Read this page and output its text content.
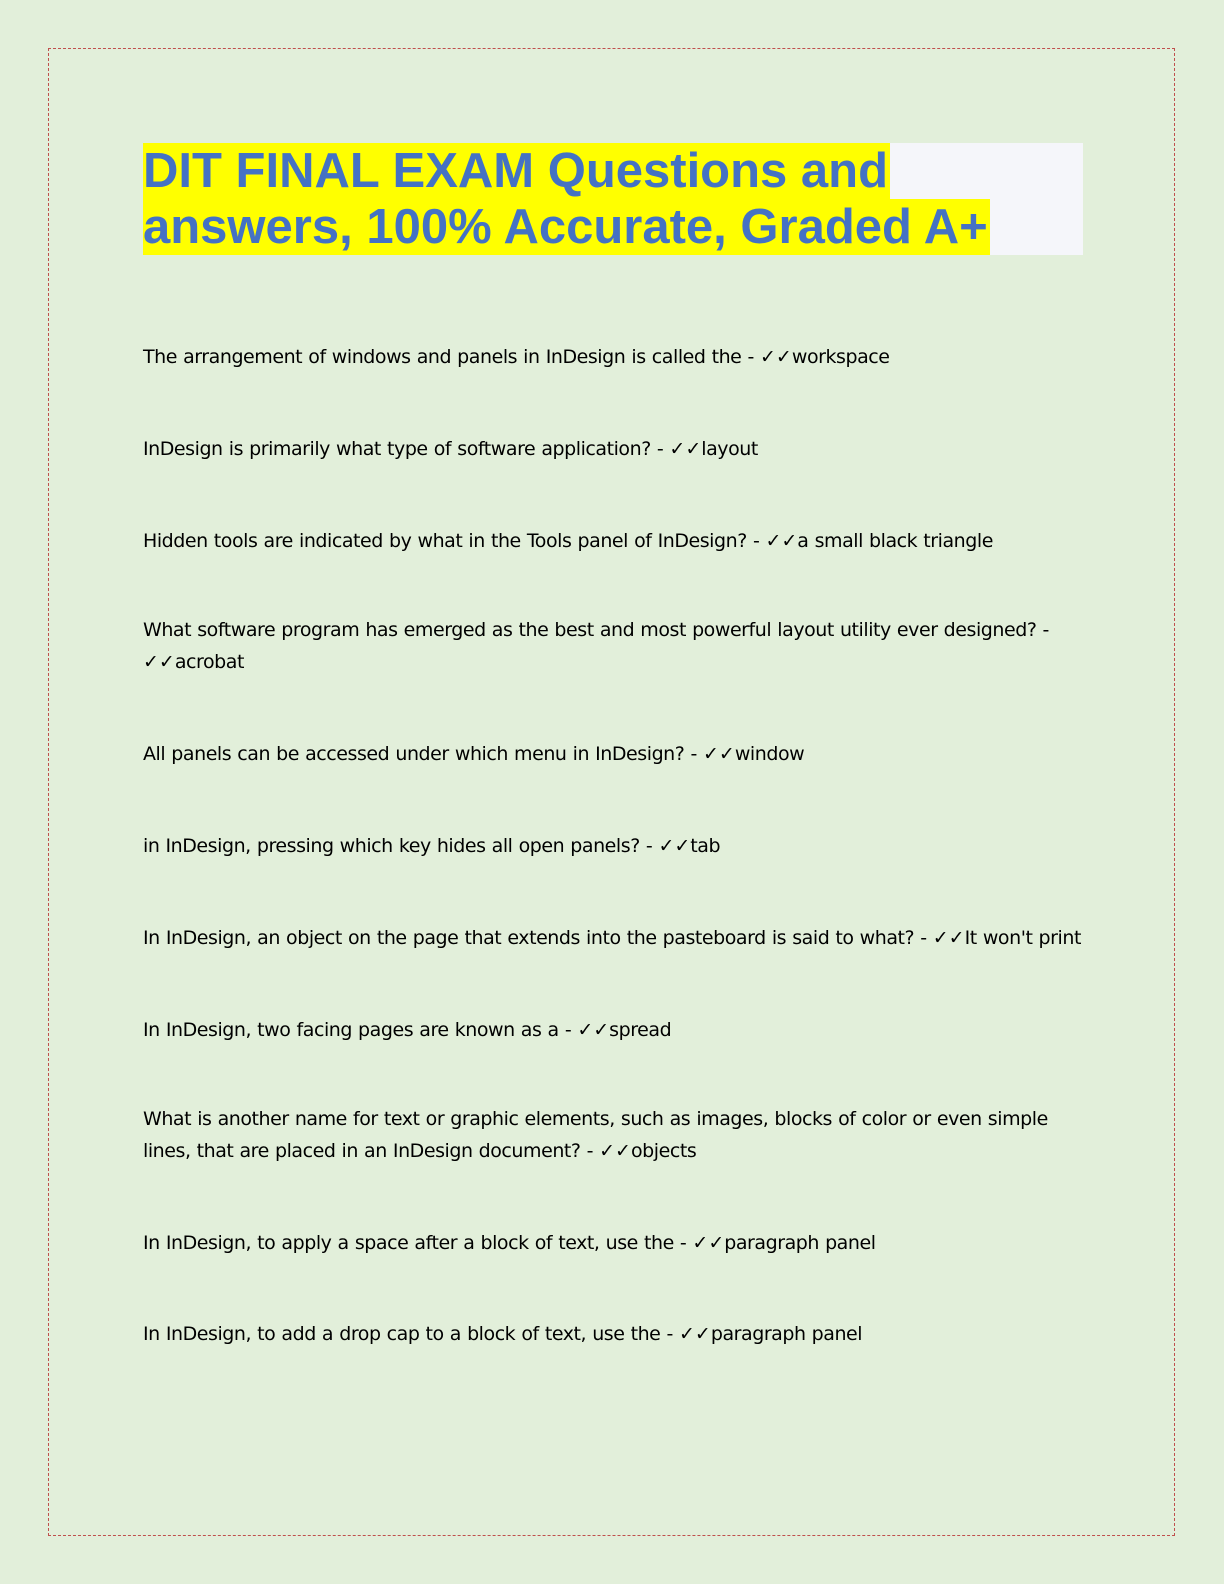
DIT FINAL EXAM Questions and
answers, 100% Accurate, Graded A+
The arrangement of windows and panels in InDesign is called the - ✓✓workspace
InDesign is primarily what type of software application? - ✓✓layout
Hidden tools are indicated by what in the Tools panel of InDesign? - ✓✓a small black triangle
What software program has emerged as the best and most powerful layout utility ever designed? - ✓✓acrobat
All panels can be accessed under which menu in InDesign? - ✓✓window
in InDesign, pressing which key hides all open panels? - ✓✓tab
In InDesign, an object on the page that extends into the pasteboard is said to what? - ✓✓It won't print
In InDesign, two facing pages are known as a - ✓✓spread
What is another name for text or graphic elements, such as images, blocks of color or even simple lines, that are placed in an InDesign document? - ✓✓objects
In InDesign, to apply a space after a block of text, use the - ✓✓paragraph panel
In InDesign, to add a drop cap to a block of text, use the - ✓✓paragraph panel
